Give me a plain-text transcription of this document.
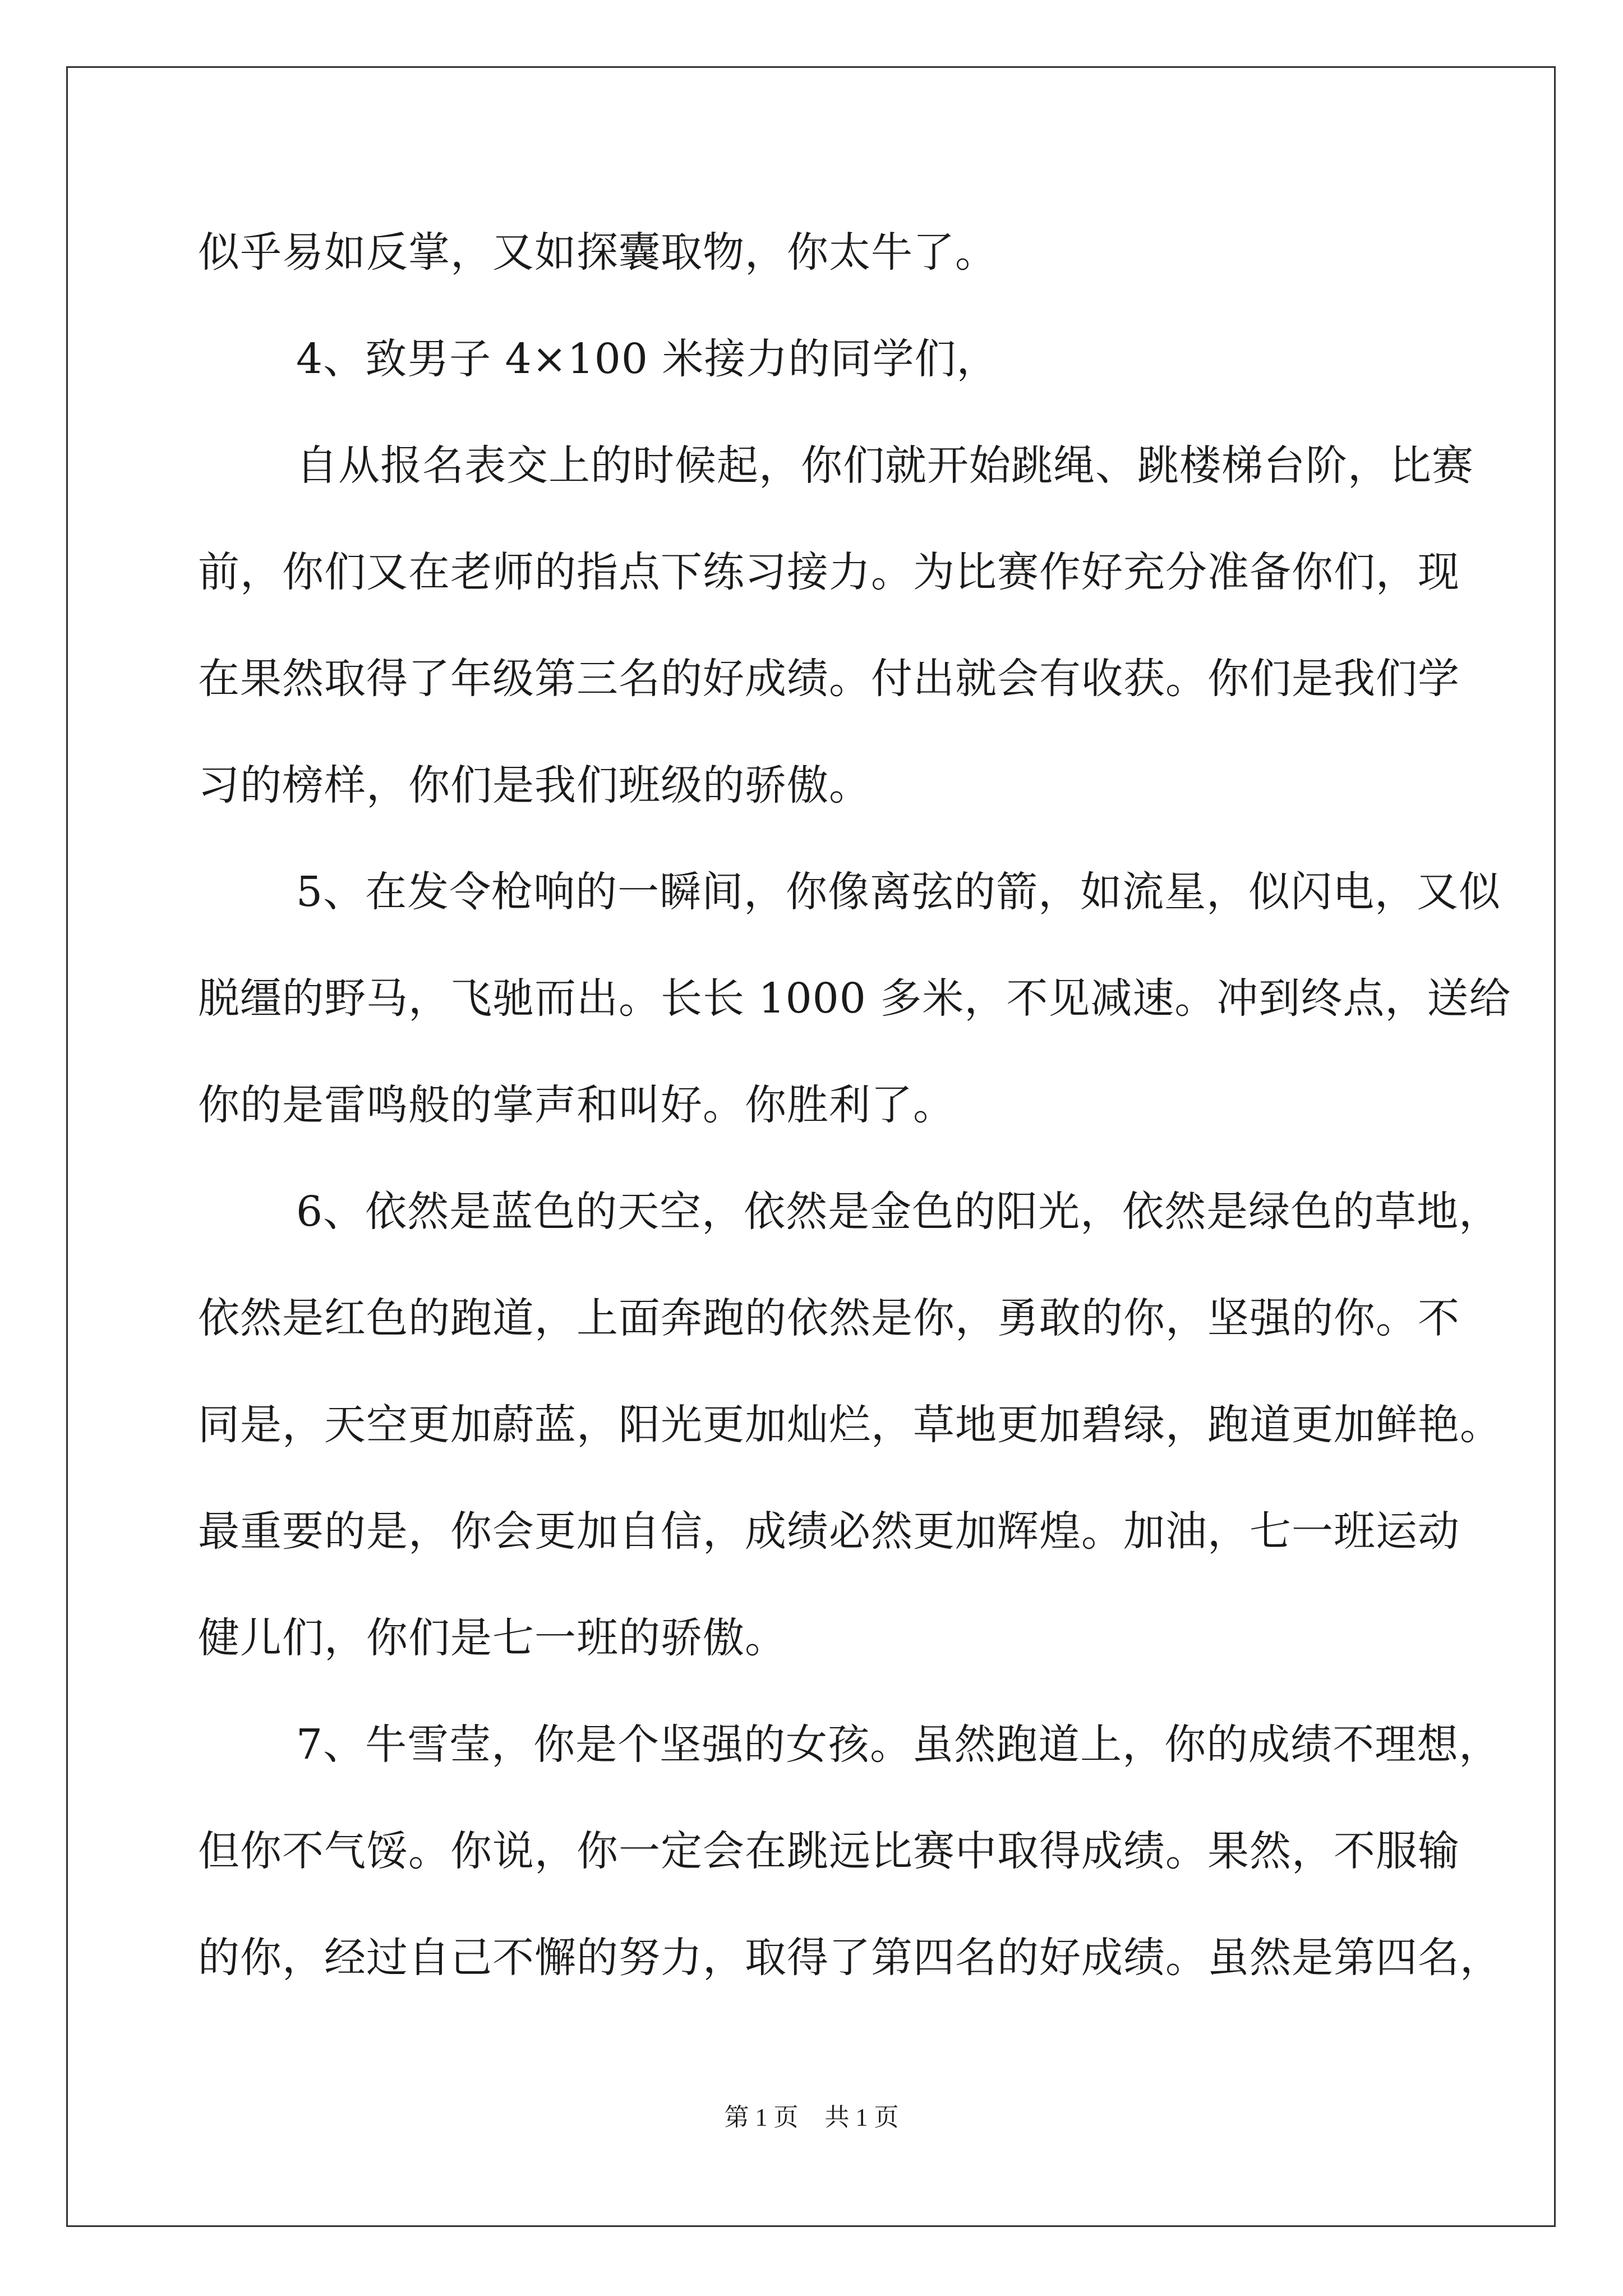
似乎易如反掌，又如探囊取物，你太牛了。
　4、致男子 4×100 米接力的同学们，
　自从报名表交上的时候起，你们就开始跳绳、跳楼梯台阶，比赛
前，你们又在老师的指点下练习接力。为比赛作好充分准备你们，现
在果然取得了年级第三名的好成绩。付出就会有收获。你们是我们学
习的榜样，你们是我们班级的骄傲。
　5、在发令枪响的一瞬间，你像离弦的箭，如流星，似闪电，又似
脱缰的野马，飞驰而出。长长 1000 多米，不见减速。冲到终点，送给
你的是雷鸣般的掌声和叫好。你胜利了。
　6、依然是蓝色的天空，依然是金色的阳光，依然是绿色的草地，
依然是红色的跑道，上面奔跑的依然是你，勇敢的你，坚强的你。不
同是，天空更加蔚蓝，阳光更加灿烂，草地更加碧绿，跑道更加鲜艳。
最重要的是，你会更加自信，成绩必然更加辉煌。加油，七一班运动
健儿们，你们是七一班的骄傲。
　7、牛雪莹，你是个坚强的女孩。虽然跑道上，你的成绩不理想，
但你不气馁。你说，你一定会在跳远比赛中取得成绩。果然，不服输
的你，经过自己不懈的努力，取得了第四名的好成绩。虽然是第四名，
第 1 页 共 1 页
